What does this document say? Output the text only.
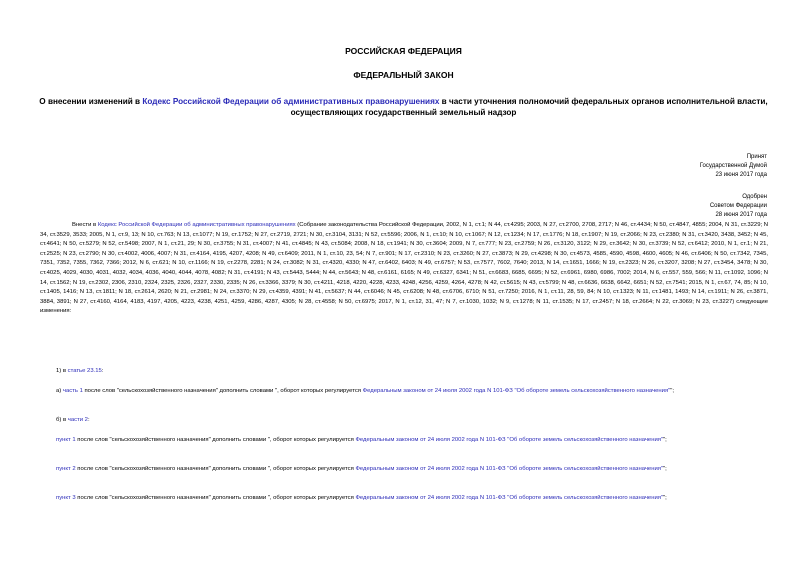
РОССИЙСКАЯ ФЕДЕРАЦИЯ
ФЕДЕРАЛЬНЫЙ ЗАКОН
О внесении изменений в Кодекс Российской Федерации об административных правонарушениях в части уточнения полномочий федеральных органов исполнительной власти, осуществляющих государственный земельный надзор
Принят
Государственной Думой
23 июня 2017 года
Одобрен
Советом Федерации
28 июня 2017 года
Внести в Кодекс Российской Федерации об административных правонарушениях (Собрание законодательства Российской Федерации, 2002, N 1, ст.1; N 44, ст.4295; 2003, N 27, ст.2700, 2708, 2717; N 46, ст.4434; N 50, ст.4847, 4855; 2004, N 31, ст.3229; N 34, ст.3529, 3533; 2005, N 1, ст.9, 13; N 10, ст.763; N 13, ст.1077; N 19, ст.1752; N 27, ст.2719, 2721; N 30, ст.3104, 3131; N 52, ст.5596; 2006, N 1, ст.10; N 10, ст.1067; N 12, ст.1234; N 17, ст.1776; N 18, ст.1907; N 19, ст.2066; N 23, ст.2380; N 31, ст.3420, 3438, 3452; N 45, ст.4641; N 50, ст.5279; N 52, ст.5498; 2007, N 1, ст.21, 29; N 30, ст.3755; N 31, ст.4007; N 41, ст.4845; N 43, ст.5084; 2008, N 18, ст.1941; N 30, ст.3604; 2009, N 7, ст.777; N 23, ст.2759; N 26, ст.3120, 3122; N 29, ст.3642; N 30, ст.3739; N 52, ст.6412; 2010, N 1, ст.1; N 21, ст.2525; N 23, ст.2790; N 30, ст.4002, 4006, 4007; N 31, ст.4164, 4195, 4207, 4208; N 49, ст.6409; 2011, N 1, ст.10, 23, 54; N 7, ст.901; N 17, ст.2310; N 23, ст.3260; N 27, ст.3873; N 29, ст.4298; N 30, ст.4573, 4585, 4590, 4598, 4600, 4605; N 46, ст.6406; N 50, ст.7342, 7345, 7351, 7352, 7355, 7362, 7366; 2012, N 6, ст.621; N 10, ст.1166; N 19, ст.2278, 2281; N 24, ст.3082; N 31, ст.4320, 4330; N 47, ст.6402, 6403; N 49, ст.6757; N 53, ст.7577, 7602, 7640; 2013, N 14, ст.1651, 1666; N 19, ст.2323; N 26, ст.3207, 3208; N 27, ст.3454, 3478; N 30, ст.4025, 4029, 4030, 4031, 4032, 4034, 4036, 4040, 4044, 4078, 4082; N 31, ст.4191; N 43, ст.5443, 5444; N 44, ст.5643; N 48, ст.6161, 6165; N 49, ст.6327, 6341; N 51, ст.6683, 6685, 6695; N 52, ст.6961, 6980, 6986, 7002; 2014, N 6, ст.557, 559, 566; N 11, ст.1092, 1096; N 14, ст.1562; N 19, ст.2302, 2306, 2310, 2324, 2325, 2326, 2327, 2330, 2335; N 26, ст.3366, 3379; N 30, ст.4211, 4218, 4220, 4228, 4233, 4248, 4256, 4259, 4264, 4278; N 42, ст.5615; N 43, ст.5799; N 48, ст.6636, 6638, 6642, 6651; N 52, ст.7541; 2015, N 1, ст.67, 74, 85; N 10, ст.1405, 1416; N 13, ст.1811; N 18, ст.2614, 2620; N 21, ст.2981; N 24, ст.3370; N 29, ст.4359, 4391; N 41, ст.5637; N 44, ст.6046; N 45, ст.6208; N 48, ст.6706, 6710; N 51, ст.7250; 2016, N 1, ст.11, 28, 59, 84; N 10, ст.1323; N 11, ст.1481, 1493; N 14, ст.1911; N 26, ст.3871, 3884, 3891; N 27, ст.4160, 4164, 4183, 4197, 4205, 4223, 4238, 4251, 4259, 4286, 4287, 4305; N 28, ст.4558; N 50, ст.6975; 2017, N 1, ст.12, 31, 47; N 7, ст.1030, 1032; N 9, ст.1278; N 11, ст.1535; N 17, ст.2457; N 18, ст.2664; N 22, ст.3069; N 23, ст.3227) следующие изменения:
1) в статье 23.15:
а) часть 1 после слов "сельскохозяйственного назначения" дополнить словами ", оборот которых регулируется Федеральным законом от 24 июля 2002 года N 101-ФЗ "Об обороте земель сельскохозяйственного назначения"";
б) в части 2:
пункт 1 после слов "сельскохозяйственного назначения" дополнить словами ", оборот которых регулируется Федеральным законом от 24 июля 2002 года N 101-ФЗ "Об обороте земель сельскохозяйственного назначения"";
пункт 2 после слов "сельскохозяйственного назначения" дополнить словами ", оборот которых регулируется Федеральным законом от 24 июля 2002 года N 101-ФЗ "Об обороте земель сельскохозяйственного назначения"";
пункт 3 после слов "сельскохозяйственного назначения" дополнить словами ", оборот которых регулируется Федеральным законом от 24 июля 2002 года N 101-ФЗ "Об обороте земель сельскохозяйственного назначения"";
